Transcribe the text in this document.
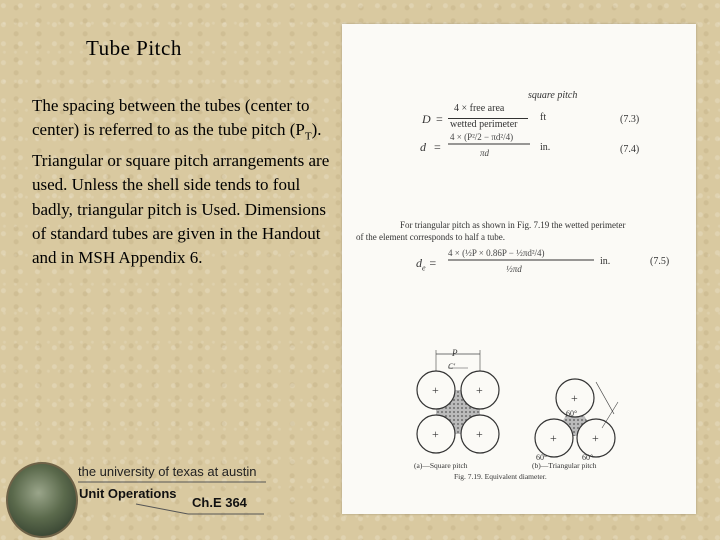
Tube Pitch
The spacing between the tubes (center to center) is referred to as the tube pitch $(P_T)$. Triangular or square pitch arrangements are used. Unless the shell side tends to foul badly, triangular pitch is Used. Dimensions of standard tubes are given in the Handout and in MSH Appendix 6.
square pitch
D =
4 × free area
wetted perimeter
ft	(7.3)
d =
4 × (P²/2 − πd²/4)
πd	in.	(7.4)
For triangular pitch as shown in Fig. 7.19 the wetted perimeter
of the element corresponds to half a tube.
$d_e$ =
4 × (½P × 0.86P − ½πd²/4)
½πd
in.	(7.5)
+	+
+	+
+
+	+
60°
60°	60°
P
C'
(a)—Square pitch	(b)—Triangular pitch
Fig. 7.19. Equivalent diameter.
the university of texas at austin
Unit Operations
Ch.E 364
